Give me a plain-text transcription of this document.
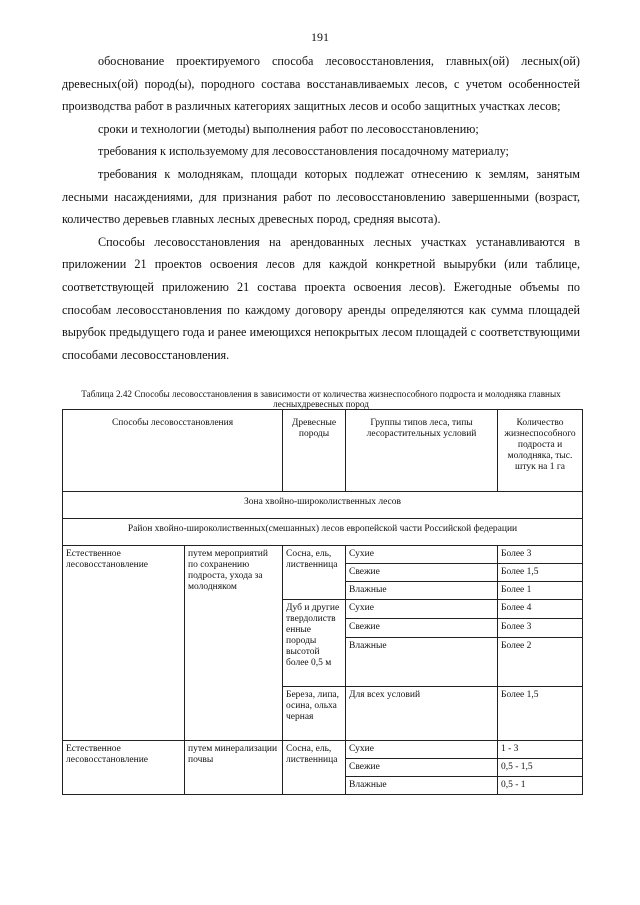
191

обоснование проектируемого способа лесовосстановления, главных(ой) лесных(ой) древесных(ой) пород(ы), породного состава восстанавливаемых лесов, с учетом особенностей производства работ в различных категориях защитных лесов и особо защитных участках лесов;

сроки и технологии (методы) выполнения работ по лесовосстановлению;

требования к используемому для лесовосстановления посадочному материалу;

требования к молоднякам, площади которых подлежат отнесению к землям, занятым лесными насаждениями, для признания работ по лесовосстановлению завершенными (возраст, количество деревьев главных лесных древесных пород, средняя высота).

Способы лесовосстановления на арендованных лесных участках устанавливаются в приложении 21 проектов освоения лесов для каждой конкретной выырубки (или таблице, соответствующей приложению 21 состава проекта освоения лесов). Ежегодные объемы по способам лесовосстановления по каждому договору аренды определяются как сумма площадей вырубок предыдущего года и ранее имеющихся непокрытых лесом площадей с соответствующими способами лесовосстановления.

Таблица 2.42 Способы лесовосстановления в зависимости от количества жизнеспособного подроста и молодняка главных лесныхдревесных пород
Способы лесовосстановления		Древесные породы	Группы типов леса, типы лесорастительных условий	Количество жизнеспособного подроста и молодняка, тыс. штук на 1 га
Зона хвойно-широколиственных лесов				
Район хвойно-широколиственных(смешанных) лесов европейской части Российской федерации				
Естественное лесовосстановление	путем мероприятий по сохранению подроста, ухода за молодняком	Сосна, ель, лиственница	Сухие	Более 3
			Свежие	Более 1,5
			Влажные	Более 1
		Дуб и другие твердолиств енные породы высотой более 0,5 м	Сухие	Более 4
			Свежие	Более 3
			Влажные	Более 2
		Береза, липа, осина, ольха черная	Для всех условий	Более 1,5
Естественное лесовосстановление	путем минерализации почвы	Сосна, ель, лиственница	Сухие	1 - 3
			Свежие	0,5 - 1,5
			Влажные	0,5 - 1
